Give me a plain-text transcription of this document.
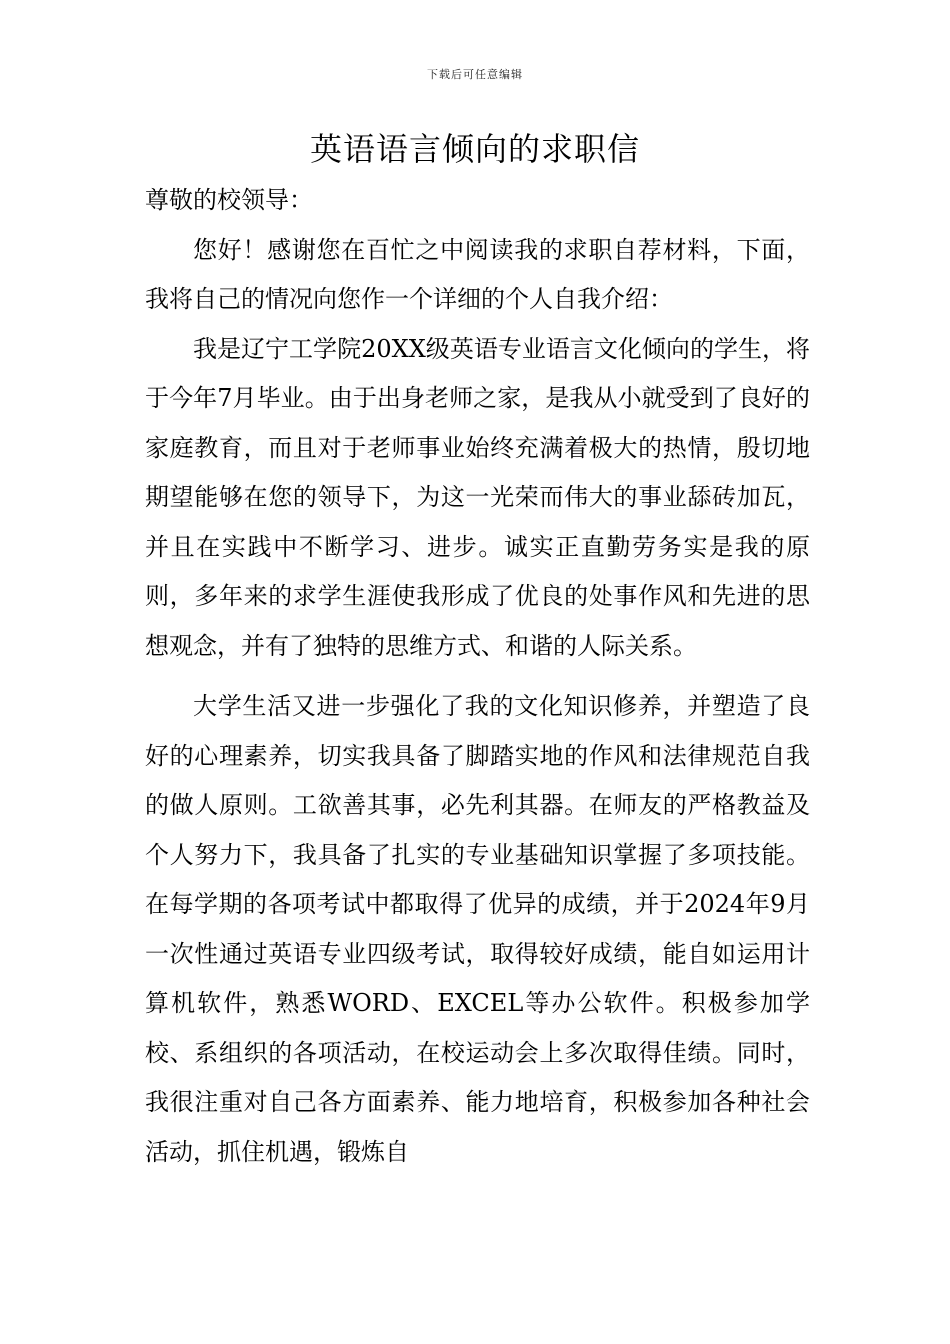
下载后可任意编辑
英语语言倾向的求职信

尊敬的校领导：

您好！感谢您在百忙之中阅读我的求职自荐材料，下面，我将自己的情况向您作一个详细的个人自我介绍：

我是辽宁工学院20XX级英语专业语言文化倾向的学生，将于今年7月毕业。由于出身老师之家，是我从小就受到了良好的家庭教育，而且对于老师事业始终充满着极大的热情，殷切地期望能够在您的领导下，为这一光荣而伟大的事业舔砖加瓦，并且在实践中不断学习、进步。诚实正直勤劳务实是我的原则，多年来的求学生涯使我形成了优良的处事作风和先进的思想观念，并有了独特的思维方式、和谐的人际关系。

大学生活又进一步强化了我的文化知识修养，并塑造了良好的心理素养，切实我具备了脚踏实地的作风和法律规范自我的做人原则。工欲善其事，必先利其器。在师友的严格教益及个人努力下，我具备了扎实的专业基础知识掌握了多项技能。在每学期的各项考试中都取得了优异的成绩，并于2024年9月一次性通过英语专业四级考试，取得较好成绩，能自如运用计算机软件，熟悉WORD、EXCEL等办公软件。积极参加学校、系组织的各项活动，在校运动会上多次取得佳绩。同时，我很注重对自己各方面素养、能力地培育，积极参加各种社会活动，抓住机遇，锻炼自
